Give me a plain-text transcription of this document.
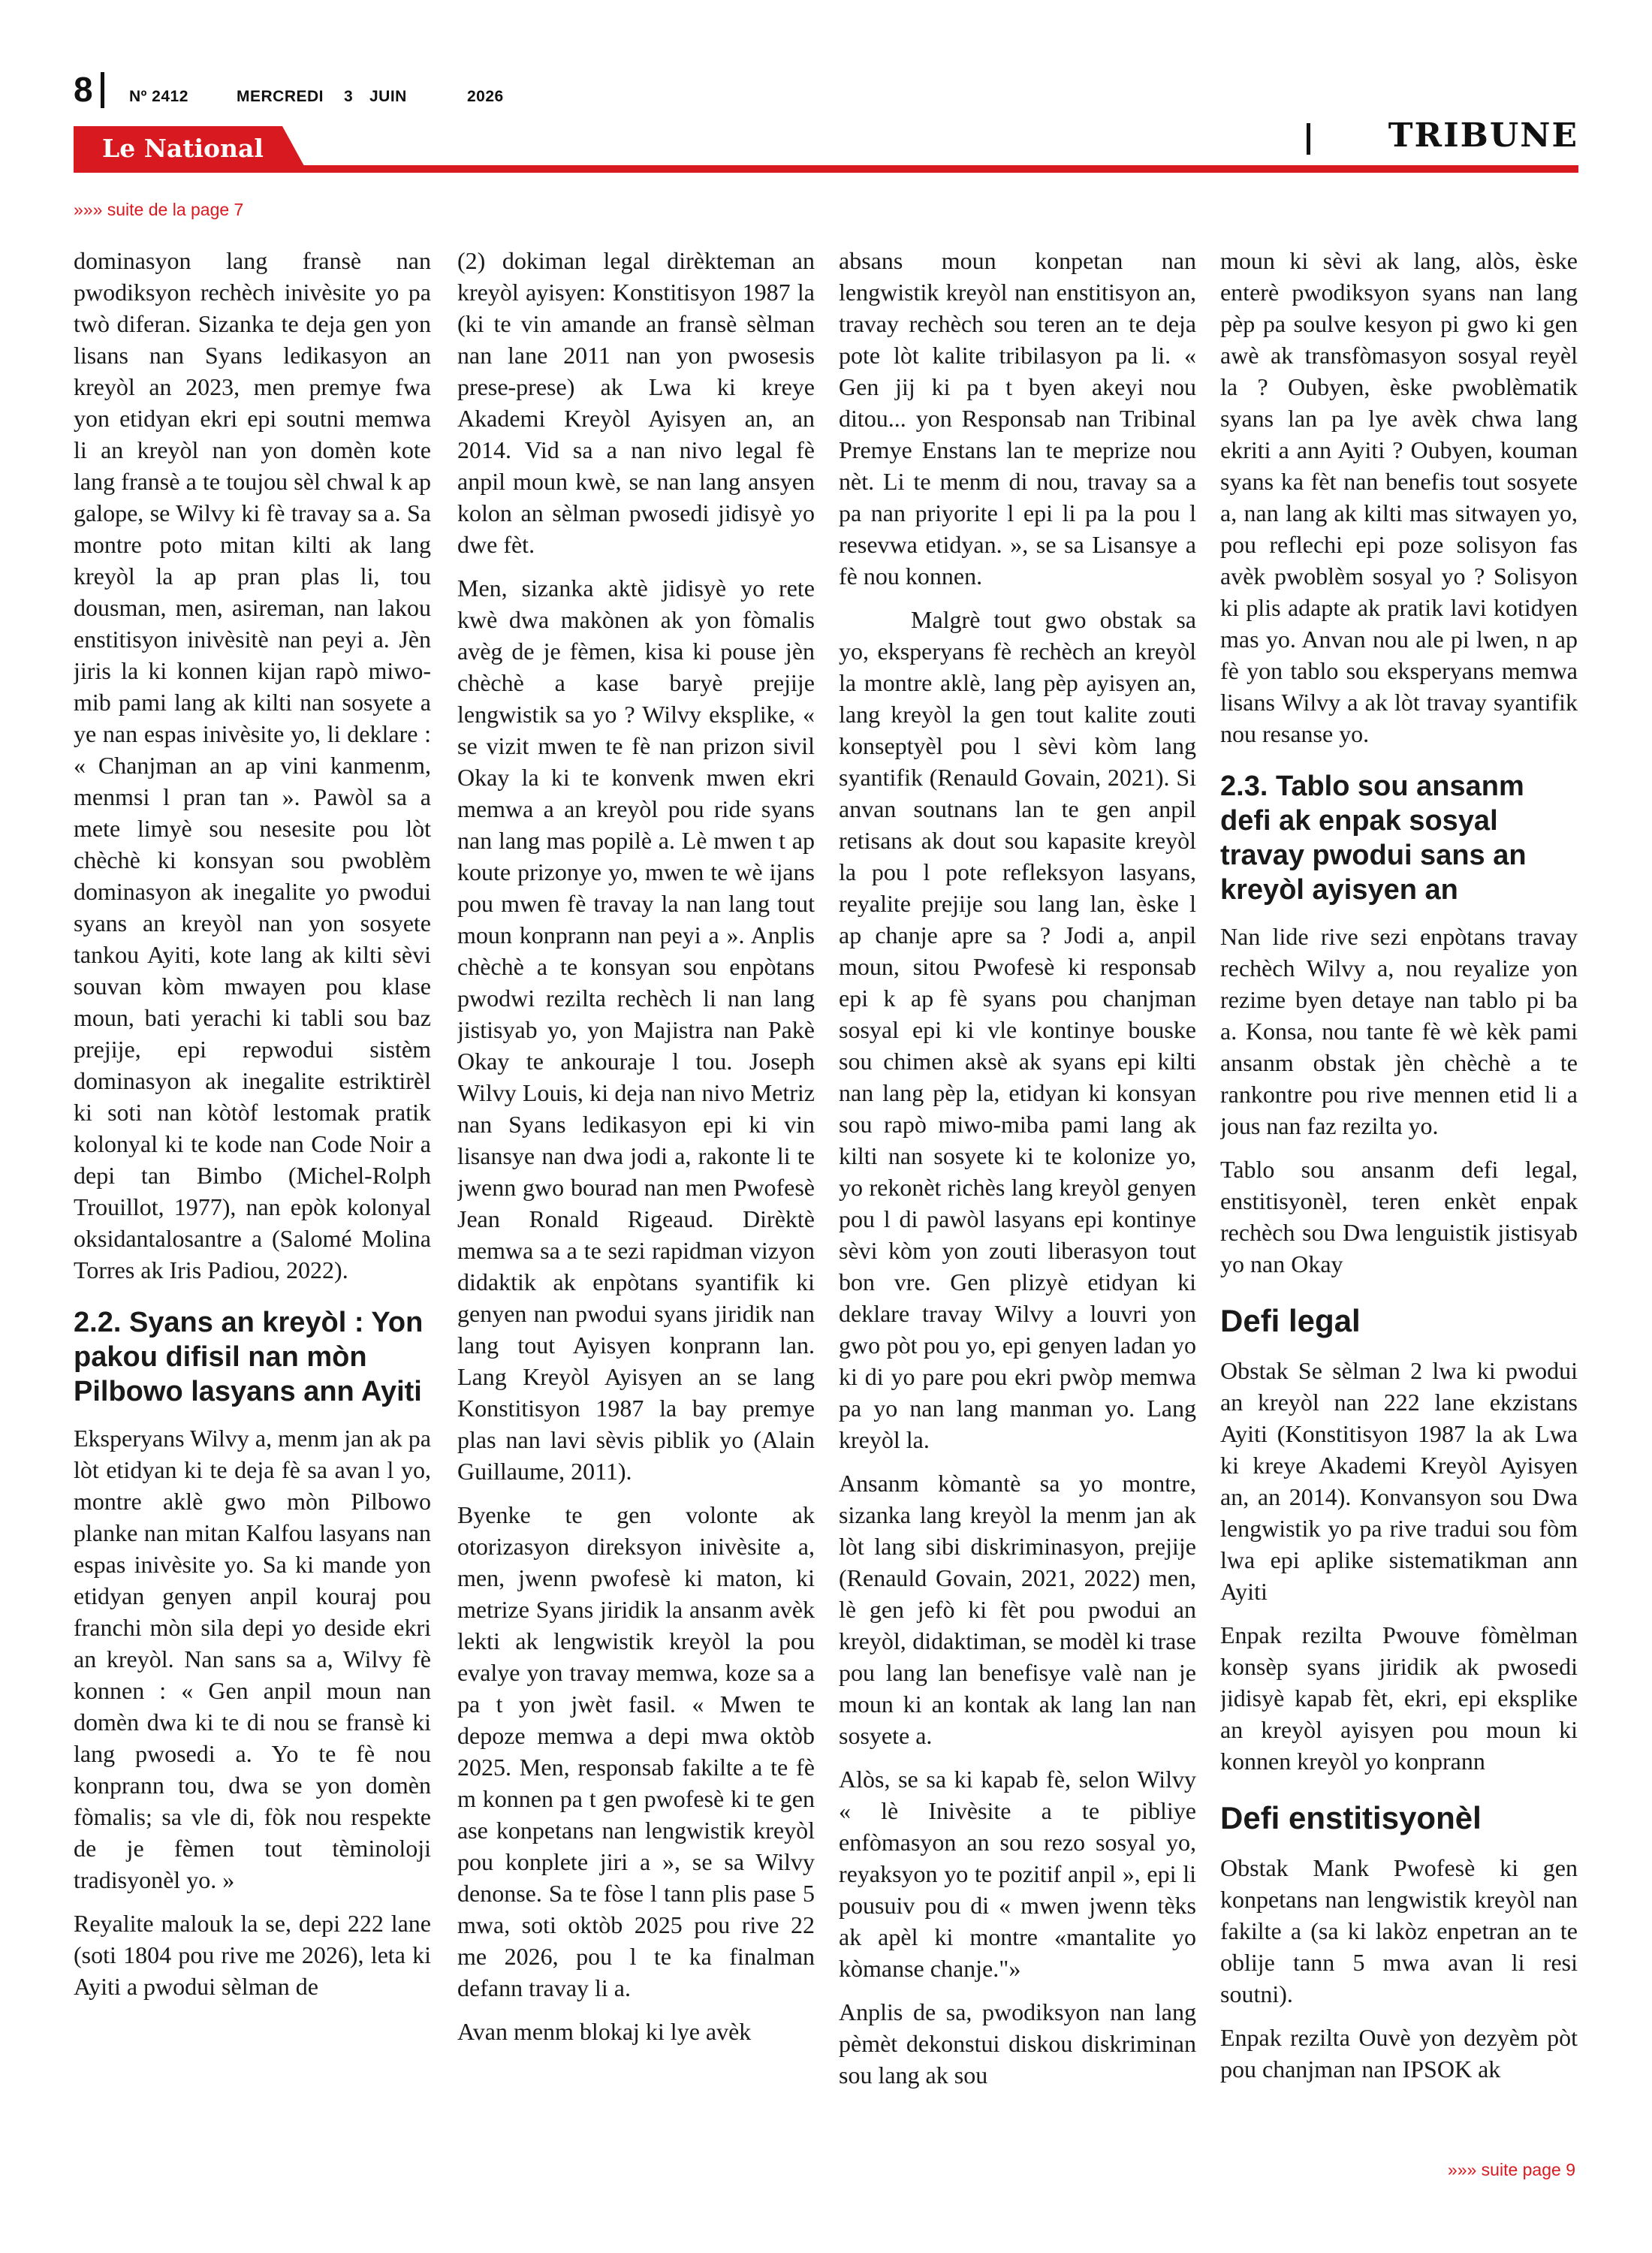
8 Nº 2412	MERCREDI 3 JUIN	2026
Le National	TRIBUNE
»»» suite de la page 7

dominasyon lang fransè nan pwodiksyon rechèch inivèsite yo pa twò diferan. Sizanka te deja gen yon lisans nan Syans ledikasyon an kreyòl an 2023, men premye fwa yon etidyan ekri epi soutni memwa li an kreyòl nan yon domèn kote lang fransè a te toujou sèl chwal k ap galope, se Wilvy ki fè travay sa a. Sa montre poto mitan kilti ak lang kreyòl la ap pran plas li, tou dousman, men, asireman, nan lakou enstitisyon inivèsitè nan peyi a. Jèn jiris la ki konnen kijan rapò miwo-mib pami lang ak kilti nan sosyete a ye nan espas inivèsite yo, li deklare : « Chanjman an ap vini kanmenm, menmsi l pran tan ». Pawòl sa a mete limyè sou nesesite pou lòt chèchè ki konsyan sou pwoblèm dominasyon ak inegalite yo pwodui syans an kreyòl nan yon sosyete tankou Ayiti, kote lang ak kilti sèvi souvan kòm mwayen pou klase moun, bati yerachi ki tabli sou baz prejije, epi repwodui sistèm dominasyon ak inegalite estriktirèl ki soti nan kòtòf lestomak pratik kolonyal ki te kode nan Code Noir a depi tan Bimbo (Michel-Rolph Trouillot, 1977), nan epòk kolonyal oksidantalosantre a (Salomé Molina Torres ak Iris Padiou, 2022).

2.2. Syans an kreyòl : Yon pakou difisil nan mòn Pilbowo lasyans ann Ayiti

Eksperyans Wilvy a, menm jan ak pa lòt etidyan ki te deja fè sa avan l yo, montre aklè gwo mòn Pilbowo planke nan mitan Kalfou lasyans nan espas inivèsite yo. Sa ki mande yon etidyan genyen anpil kouraj pou franchi mòn sila depi yo deside ekri an kreyòl. Nan sans sa a, Wilvy fè konnen : « Gen anpil moun nan domèn dwa ki te di nou se fransè ki lang pwosedi a. Yo te fè nou konprann tou, dwa se yon domèn fòmalis; sa vle di, fòk nou respekte de je fèmen tout tèminoloji tradisyonèl yo. »

Reyalite malouk la se, depi 222 lane (soti 1804 pou rive me 2026), leta ki Ayiti a pwodui sèlman de

(2) dokiman legal dirèkteman an kreyòl ayisyen: Konstitisyon 1987 la (ki te vin amande an fransè sèlman nan lane 2011 nan yon pwosesis prese-prese) ak Lwa ki kreye Akademi Kreyòl Ayisyen an, an 2014. Vid sa a nan nivo legal fè anpil moun kwè, se nan lang ansyen kolon an sèlman pwosedi jidisyè yo dwe fèt.

Men, sizanka aktè jidisyè yo rete kwè dwa makònen ak yon fòmalis avèg de je fèmen, kisa ki pouse jèn chèchè a kase baryè prejije lengwistik sa yo ? Wilvy eksplike, « se vizit mwen te fè nan prizon sivil Okay la ki te konvenk mwen ekri memwa a an kreyòl pou ride syans nan lang mas popilè a. Lè mwen t ap koute prizonye yo, mwen te wè ijans pou mwen fè travay la nan lang tout moun konprann nan peyi a ». Anplis chèchè a te konsyan sou enpòtans pwodwi rezilta rechèch li nan lang jistisyab yo, yon Majistra nan Pakè Okay te ankouraje l tou. Joseph Wilvy Louis, ki deja nan nivo Metriz nan Syans ledikasyon epi ki vin lisansye nan dwa jodi a, rakonte li te jwenn gwo bourad nan men Pwofesè Jean Ronald Rigeaud. Dirèktè memwa sa a te sezi rapidman vizyon didaktik ak enpòtans syantifik ki genyen nan pwodui syans jiridik nan lang tout Ayisyen konprann lan. Lang Kreyòl Ayisyen an se lang Konstitisyon 1987 la bay premye plas nan lavi sèvis piblik yo (Alain Guillaume, 2011).

Byenke te gen volonte ak otorizasyon direksyon inivèsite a, men, jwenn pwofesè ki maton, ki metrize Syans jiridik la ansanm avèk lekti ak lengwistik kreyòl la pou evalye yon travay memwa, koze sa a pa t yon jwèt fasil. « Mwen te depoze memwa a depi mwa oktòb 2025. Men, responsab fakilte a te fè m konnen pa t gen pwofesè ki te gen ase konpetans nan lengwistik kreyòl pou konplete jiri a », se sa Wilvy denonse. Sa te fòse l tann plis pase 5 mwa, soti oktòb 2025 pou rive 22 me 2026, pou l te ka finalman defann travay li a.

Avan menm blokaj ki lye avèk

absans moun konpetan nan lengwistik kreyòl nan enstitisyon an, travay rechèch sou teren an te deja pote lòt kalite tribilasyon pa li. « Gen jij ki pa t byen akeyi nou ditou... yon Responsab nan Tribinal Premye Enstans lan te meprize nou nèt. Li te menm di nou, travay sa a pa nan priyorite l epi li pa la pou l resevwa etidyan. », se sa Lisansye a fè nou konnen.

Malgrè tout gwo obstak sa yo, eksperyans fè rechèch an kreyòl la montre aklè, lang pèp ayisyen an, lang kreyòl la gen tout kalite zouti konseptyèl pou l sèvi kòm lang syantifik (Renauld Govain, 2021). Si anvan soutnans lan te gen anpil retisans ak dout sou kapasite kreyòl la pou l pote refleksyon lasyans, reyalite prejije sou lang lan, èske l ap chanje apre sa ? Jodi a, anpil moun, sitou Pwofesè ki responsab epi k ap fè syans pou chanjman sosyal epi ki vle kontinye bouske sou chimen aksè ak syans epi kilti nan lang pèp la, etidyan ki konsyan sou rapò miwo-miba pami lang ak kilti nan sosyete ki te kolonize yo, yo rekonèt richès lang kreyòl genyen pou l di pawòl lasyans epi kontinye sèvi kòm yon zouti liberasyon tout bon vre. Gen plizyè etidyan ki deklare travay Wilvy a louvri yon gwo pòt pou yo, epi genyen ladan yo ki di yo pare pou ekri pwòp memwa pa yo nan lang manman yo. Lang kreyòl la.

Ansanm kòmantè sa yo montre, sizanka lang kreyòl la menm jan ak lòt lang sibi diskriminasyon, prejije (Renauld Govain, 2021, 2022) men, lè gen jefò ki fèt pou pwodui an kreyòl, didaktiman, se modèl ki trase pou lang lan benefisye valè nan je moun ki an kontak ak lang lan nan sosyete a.

Alòs, se sa ki kapab fè, selon Wilvy « lè Inivèsite a te pibliye enfòmasyon an sou rezo sosyal yo, reyaksyon yo te pozitif anpil », epi li pousuiv pou di « mwen jwenn tèks ak apèl ki montre «mantalite yo kòmanse chanje."»

Anplis de sa, pwodiksyon nan lang pèmèt dekonstui diskou diskriminan sou lang ak sou

moun ki sèvi ak lang, alòs, èske enterè pwodiksyon syans nan lang pèp pa soulve kesyon pi gwo ki gen awè ak transfòmasyon sosyal reyèl la ? Oubyen, èske pwoblèmatik syans lan pa lye avèk chwa lang ekriti a ann Ayiti ? Oubyen, kouman syans ka fèt nan benefis tout sosyete a, nan lang ak kilti mas sitwayen yo, pou reflechi epi poze solisyon fas avèk pwoblèm sosyal yo ? Solisyon ki plis adapte ak pratik lavi kotidyen mas yo. Anvan nou ale pi lwen, n ap fè yon tablo sou eksperyans memwa lisans Wilvy a ak lòt travay syantifik nou resanse yo.

2.3. Tablo sou ansanm defi ak enpak sosyal travay pwodui sans an kreyòl ayisyen an

Nan lide rive sezi enpòtans travay rechèch Wilvy a, nou reyalize yon rezime byen detaye nan tablo pi ba a. Konsa, nou tante fè wè kèk pami ansanm obstak jèn chèchè a te rankontre pou rive mennen etid li a jous nan faz rezilta yo.

Tablo sou ansanm defi legal, enstitisyonèl, teren enkèt enpak rechèch sou Dwa lenguistik jistisyab yo nan Okay

Defi legal

Obstak Se sèlman 2 lwa ki pwodui an kreyòl nan 222 lane ekzistans Ayiti (Konstitisyon 1987 la ak Lwa ki kreye Akademi Kreyòl Ayisyen an, an 2014). Konvansyon sou Dwa lengwistik yo pa rive tradui sou fòm lwa epi aplike sistematikman ann Ayiti

Enpak rezilta Pwouve fòmèlman konsèp syans jiridik ak pwosedi jidisyè kapab fèt, ekri, epi eksplike an kreyòl ayisyen pou moun ki konnen kreyòl yo konprann

Defi enstitisyonèl

Obstak Mank Pwofesè ki gen konpetans nan lengwistik kreyòl nan fakilte a (sa ki lakòz enpetran an te oblije tann 5 mwa avan li resi soutni).

Enpak rezilta Ouvè yon dezyèm pòt pou chanjman nan IPSOK ak

»»» suite page 9
